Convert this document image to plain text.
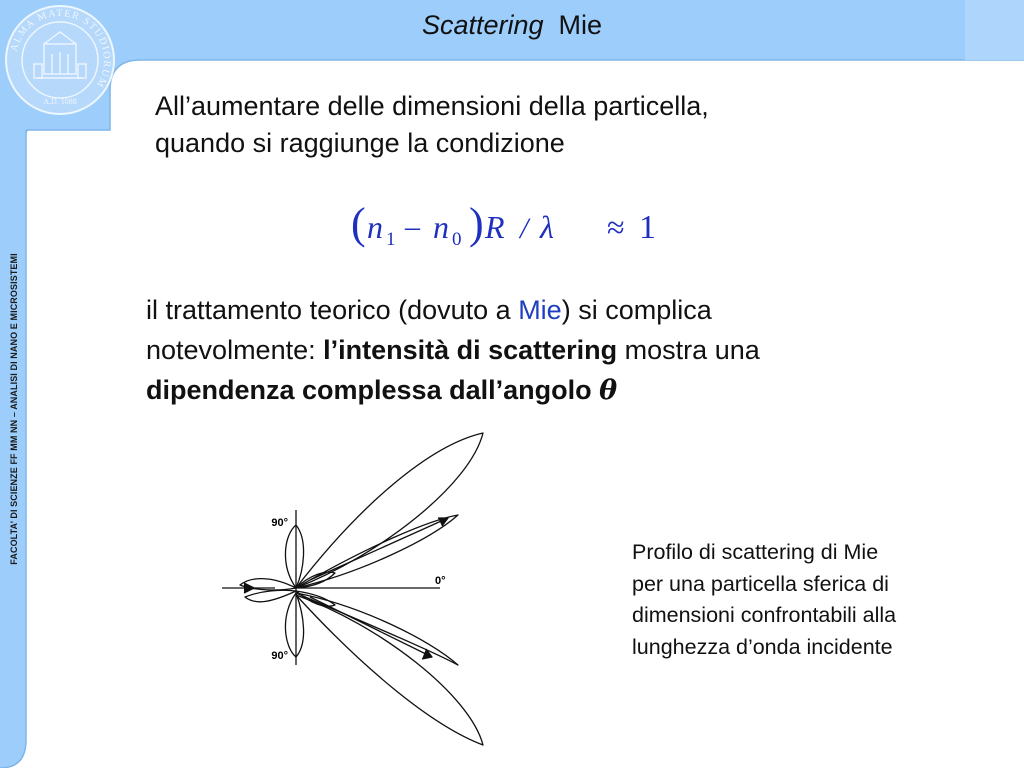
ALMA MATER STUDIORUM
A.D. 1088
FACOLTA’ DI SCIENZE FF MM NN – ANALISI DI NANO E MICROSISTEMI
Scattering Mie
All’aumentare delle dimensioni della particella,
quando si raggiunge la condizione
( n 1 – n 0 ) R / λ ≈ 1
il trattamento teorico (dovuto a Mie) si complica
notevolmente: l’intensità di scattering mostra una
dipendenza complessa dall’angolo θ
90°
0°
90°
Profilo di scattering di Mie
per una particella sferica di
dimensioni confrontabili alla
lunghezza d’onda incidente
